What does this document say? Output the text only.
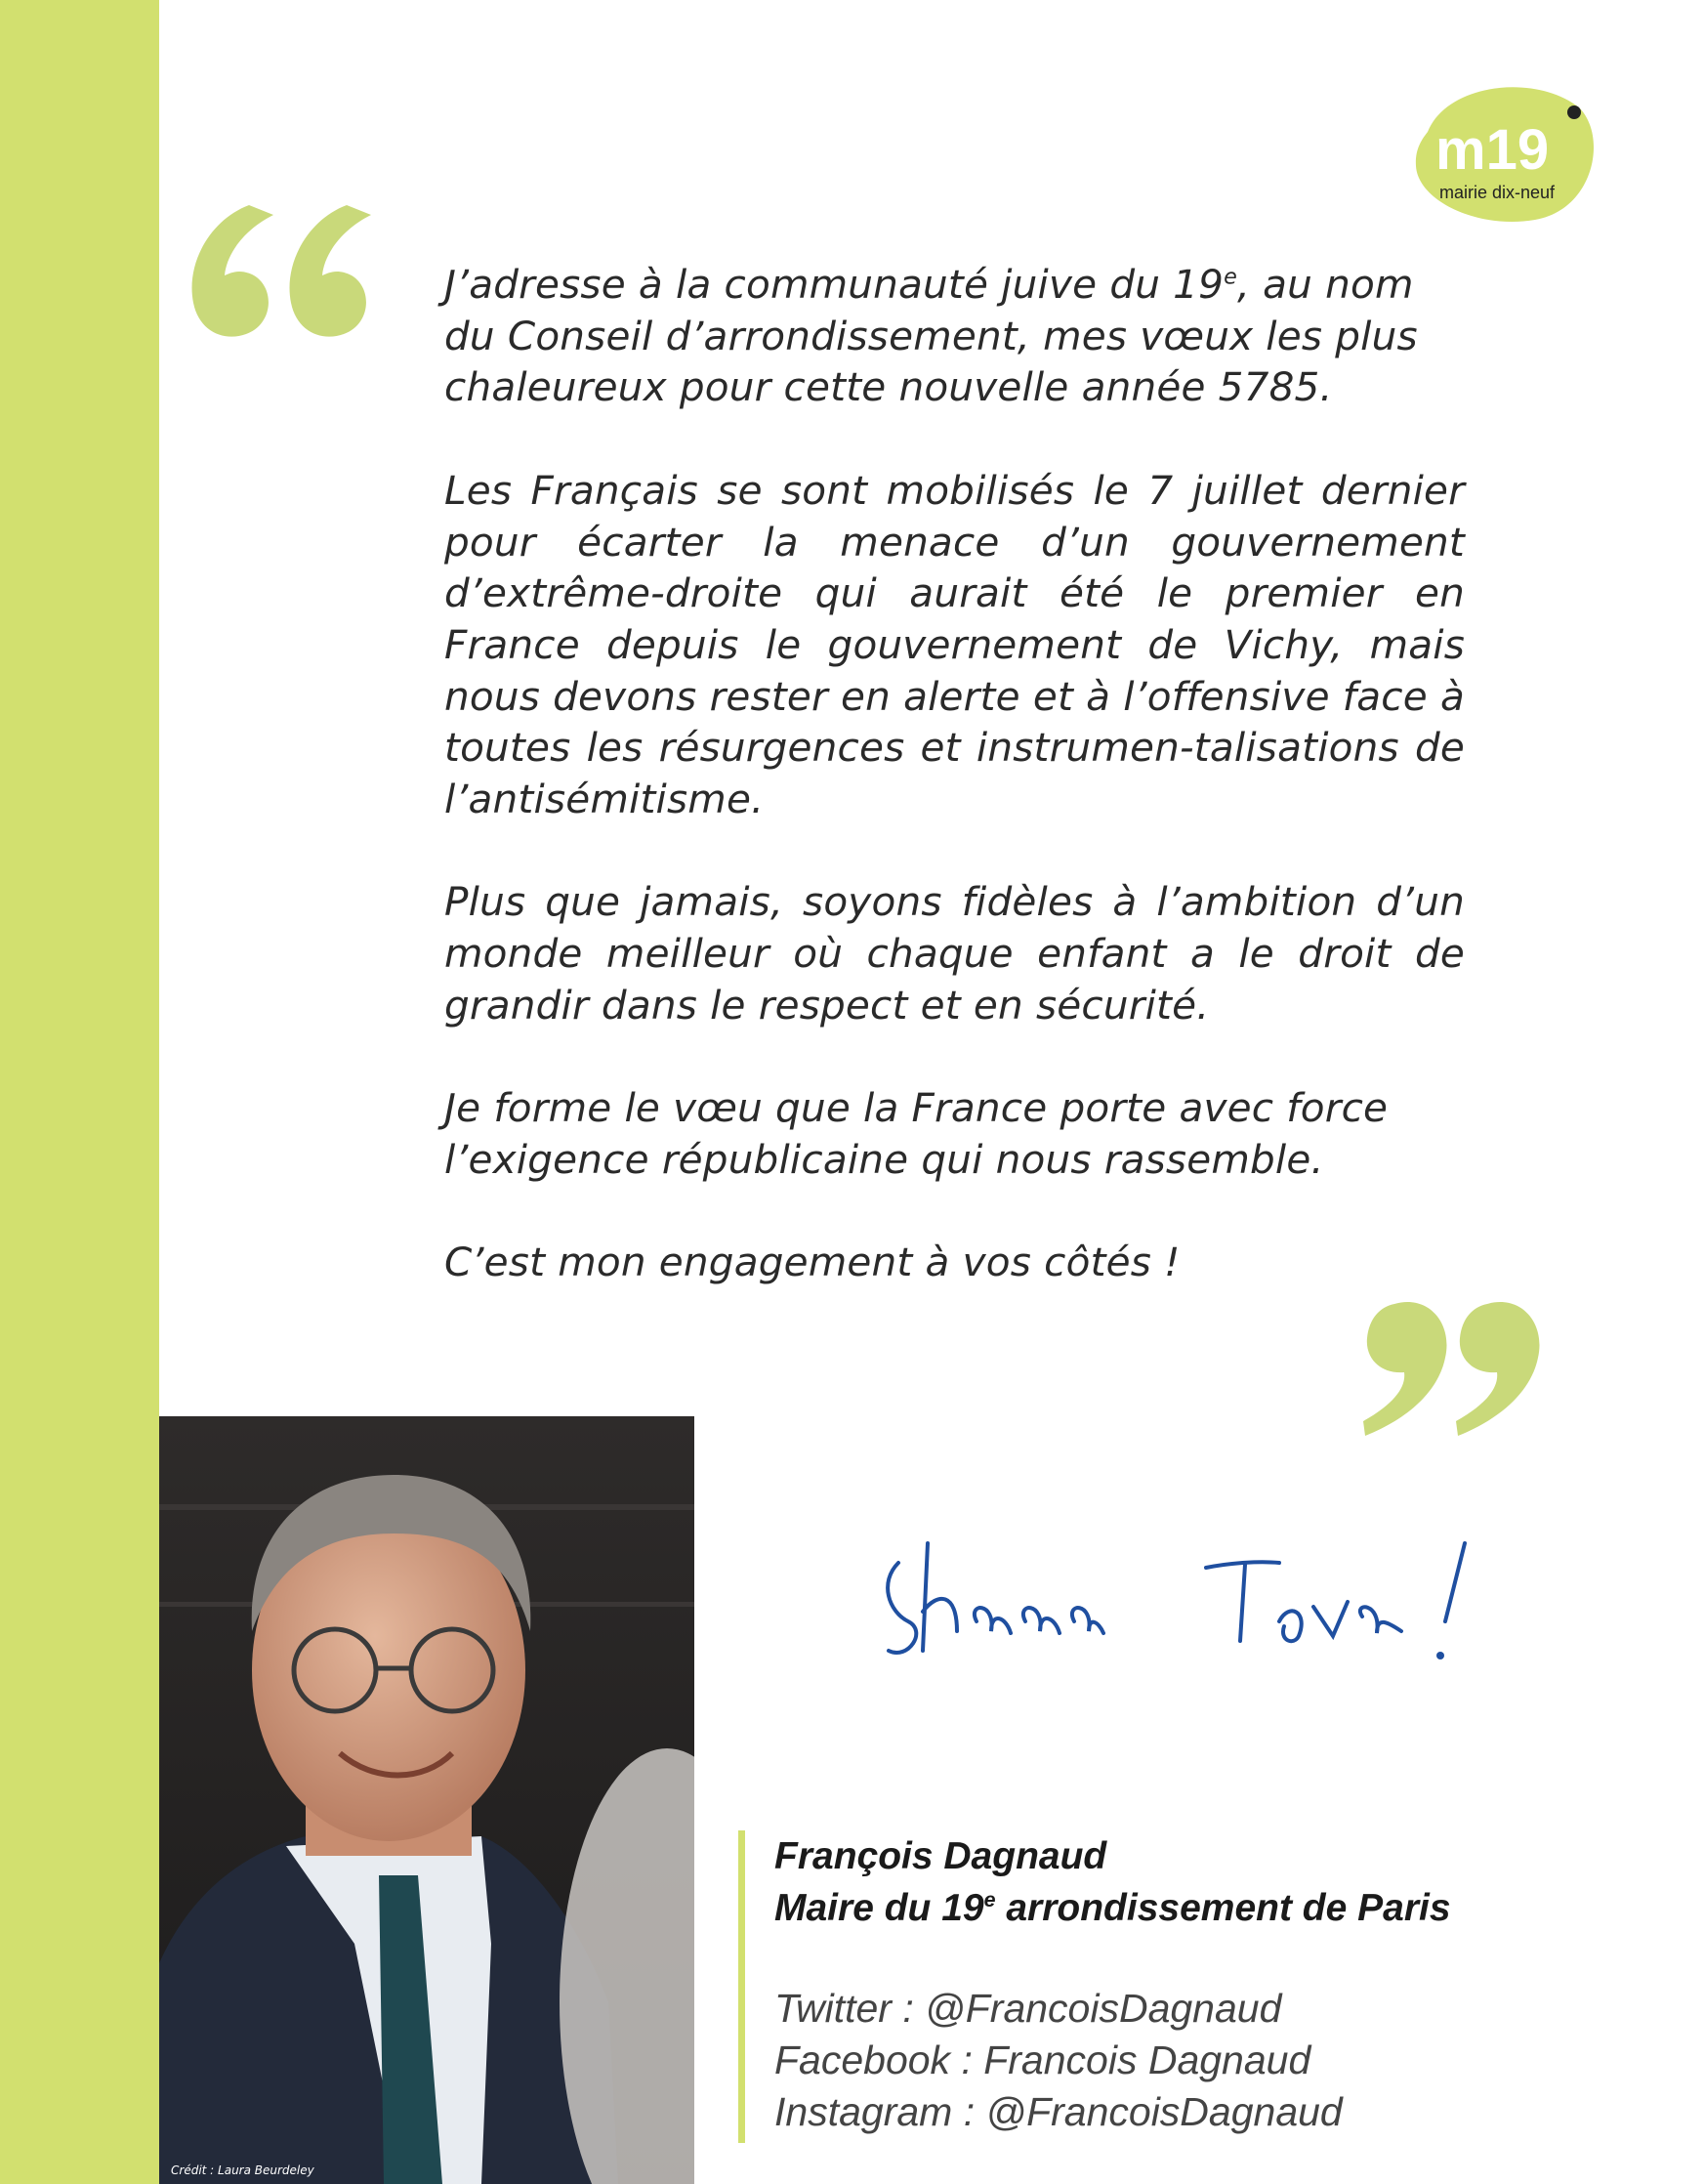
m19
mairie dix-neuf

J’adresse à la communauté juive du 19e, au nom du Conseil d’arrondissement, mes vœux les plus chaleureux pour cette nouvelle année 5785.

Les Français se sont mobilisés le 7 juillet dernier pour écarter la menace d’un gouvernement d’extrême-droite qui aurait été le premier en France depuis le gouvernement de Vichy, mais nous devons rester en alerte et à l’offensive face à toutes les résurgences et instrumen-talisations de l’antisémitisme.

Plus que jamais, soyons fidèles à l’ambition d’un monde meilleur où chaque enfant a le droit de grandir dans le respect et en sécurité.

Je forme le vœu que la France porte avec force l’exigence républicaine qui nous rassemble.

C’est mon engagement à vos côtés !

Crédit : Laura Beurdeley

François Dagnaud

Maire du 19e arrondissement de Paris

Twitter : @FrancoisDagnaud

Facebook : Francois Dagnaud

Instagram : @FrancoisDagnaud
